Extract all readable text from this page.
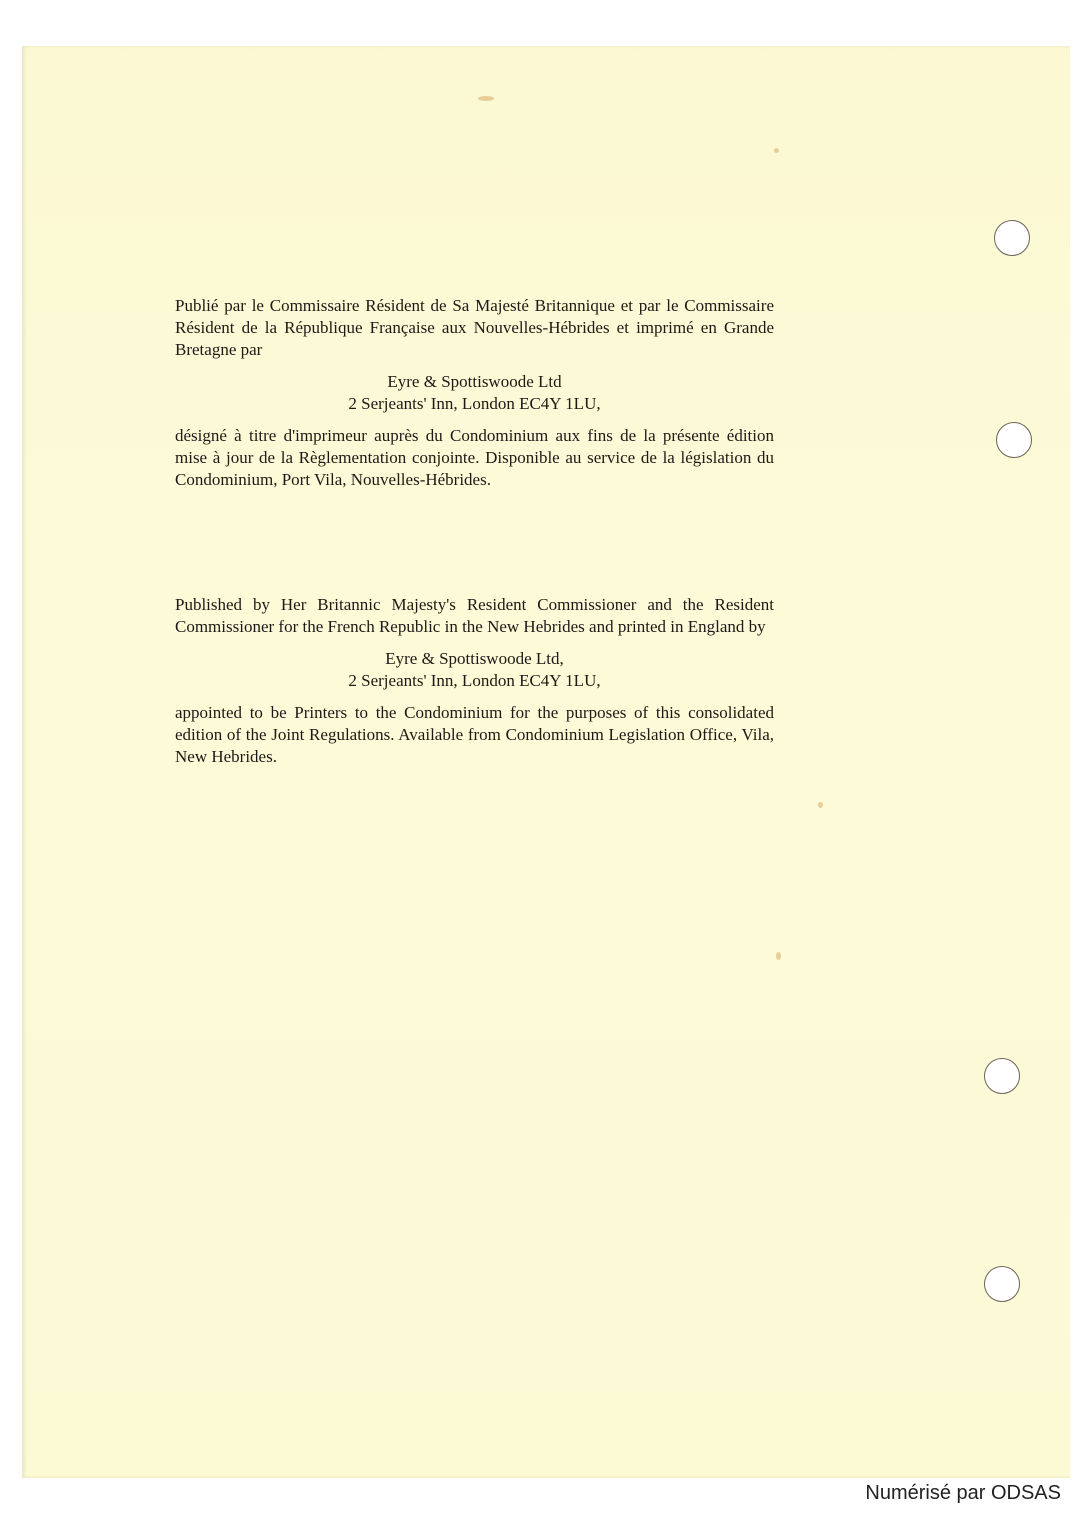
Publié par le Commissaire Résident de Sa Majesté Britannique et par le Commissaire Résident de la République Française aux Nouvelles-Hébrides et imprimé en Grande Bretagne par

Eyre & Spottiswoode Ltd
2 Serjeants' Inn, London EC4Y 1LU,

désigné à titre d'imprimeur auprès du Condominium aux fins de la présente édition mise à jour de la Règlementation conjointe. Disponible au service de la législation du Condominium, Port Vila, Nouvelles-Hébrides.

Published by Her Britannic Majesty's Resident Commissioner and the Resident Commissioner for the French Republic in the New Hebrides and printed in England by

Eyre & Spottiswoode Ltd,
2 Serjeants' Inn, London EC4Y 1LU,

appointed to be Printers to the Condominium for the purposes of this consolidated edition of the Joint Regulations. Available from Condominium Legislation Office, Vila, New Hebrides.

Numérisé par ODSAS
